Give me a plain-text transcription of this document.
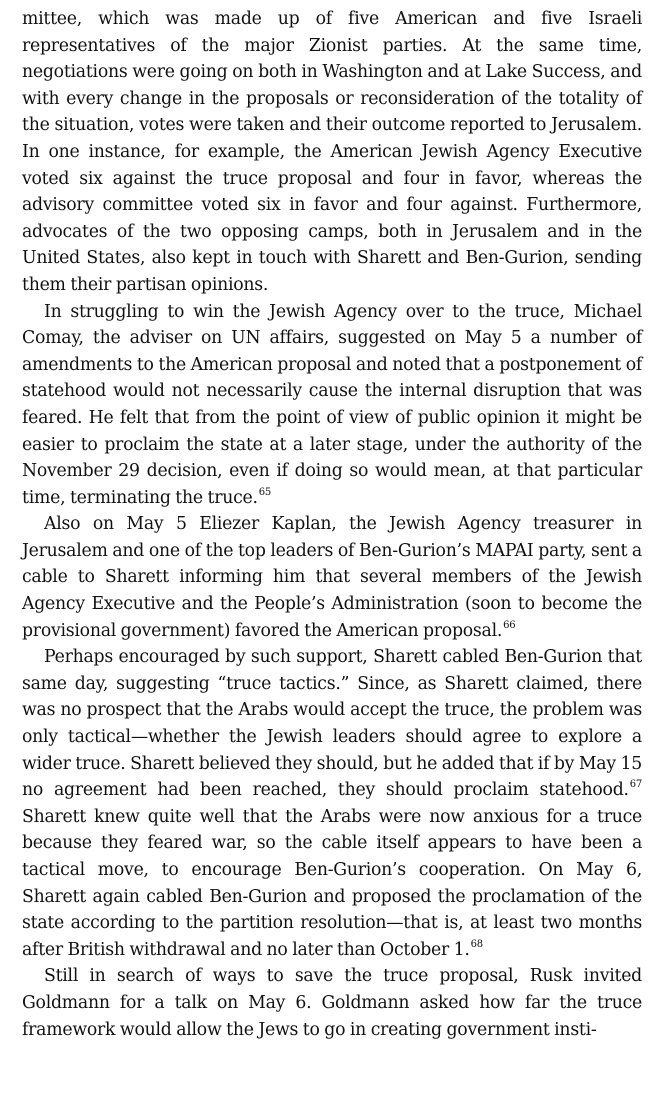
mittee, which was made up of five American and five Israeli representatives of the major Zionist parties. At the same time, negotiations were going on both in Washington and at Lake Success, and with every change in the proposals or reconsideration of the totality of the situation, votes were taken and their outcome reported to Jerusalem. In one instance, for example, the American Jewish Agency Executive voted six against the truce proposal and four in favor, whereas the advisory committee voted six in favor and four against. Furthermore, advocates of the two opposing camps, both in Jerusalem and in the United States, also kept in touch with Sharett and Ben-Gurion, sending them their partisan opinions.

In struggling to win the Jewish Agency over to the truce, Michael Comay, the adviser on UN affairs, suggested on May 5 a number of amendments to the American proposal and noted that a postponement of statehood would not necessarily cause the internal disruption that was feared. He felt that from the point of view of public opinion it might be easier to proclaim the state at a later stage, under the authority of the November 29 decision, even if doing so would mean, at that particular time, terminating the truce.$^{65}$

Also on May 5 Eliezer Kaplan, the Jewish Agency treasurer in Jerusalem and one of the top leaders of Ben-Gurion’s MAPAI party, sent a cable to Sharett informing him that several members of the Jewish Agency Executive and the People’s Administration (soon to become the provisional government) favored the American proposal.$^{66}$

Perhaps encouraged by such support, Sharett cabled Ben-Gurion that same day, suggesting “truce tactics.” Since, as Sharett claimed, there was no prospect that the Arabs would accept the truce, the problem was only tactical—whether the Jewish leaders should agree to explore a wider truce. Sharett believed they should, but he added that if by May 15 no agreement had been reached, they should proclaim statehood.$^{67}$ Sharett knew quite well that the Arabs were now anxious for a truce because they feared war, so the cable itself appears to have been a tactical move, to encourage Ben-Gurion’s cooperation. On May 6, Sharett again cabled Ben-Gurion and proposed the proclamation of the state according to the partition resolution—that is, at least two months after British withdrawal and no later than October 1.68

Still in search of ways to save the truce proposal, Rusk invited Goldmann for a talk on May 6. Goldmann asked how far the truce framework would allow the Jews to go in creating government insti-
